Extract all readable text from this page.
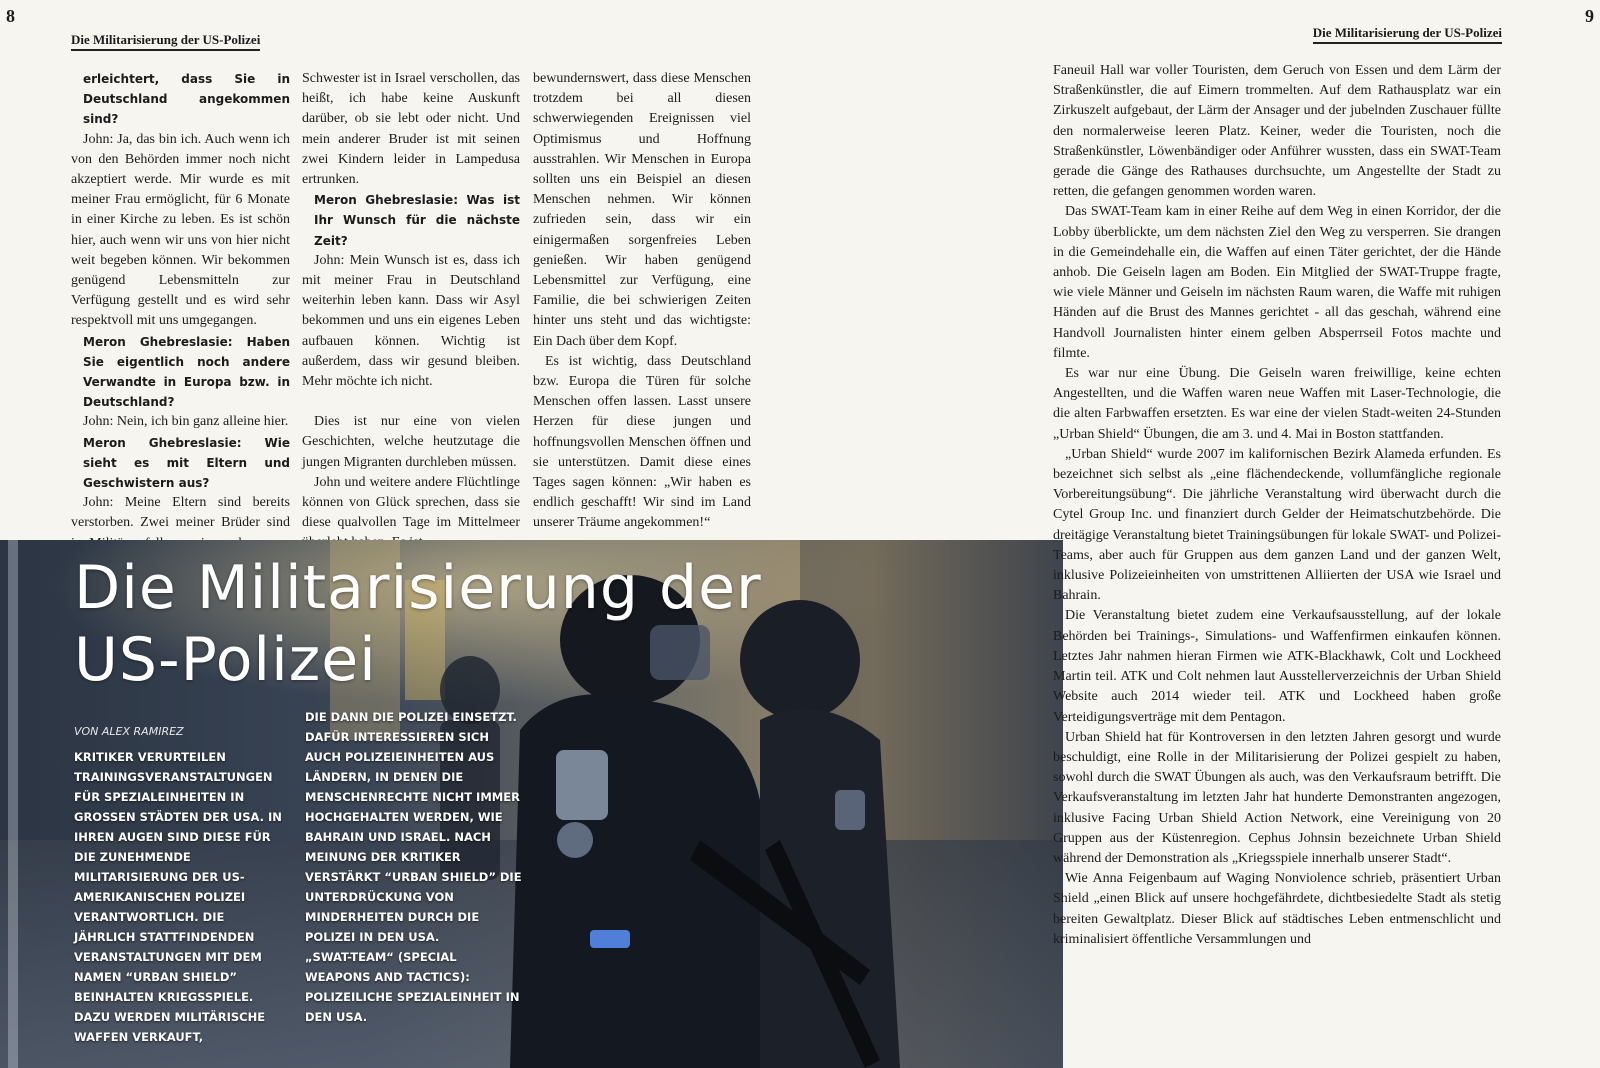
8	9
Die Militarisierung der US-Polizei	Die Militarisierung der US-Polizei

erleichtert, dass Sie in Deutschland angekommen sind?

John: Ja, das bin ich. Auch wenn ich von den Behörden immer noch nicht akzeptiert werde. Mir wurde es mit meiner Frau ermöglicht, für 6 Monate in einer Kirche zu leben. Es ist schön hier, auch wenn wir uns von hier nicht weit begeben können. Wir bekommen genügend Lebensmitteln zur Verfügung gestellt und es wird sehr respektvoll mit uns umgegangen.

Meron Ghebreslasie: Haben Sie eigentlich noch andere Verwandte in Europa bzw. in Deutschland?

John: Nein, ich bin ganz alleine hier.

Meron Ghebreslasie: Wie sieht es mit Eltern und Geschwistern aus?

John: Meine Eltern sind bereits verstorben. Zwei meiner Brüder sind

Schwester ist in Israel verschollen, das heißt, ich habe keine Auskunft darüber, ob sie lebt oder nicht. Und mein anderer Bruder ist mit seinen zwei Kindern leider in Lampedusa ertrunken.

Meron Ghebreslasie: Was ist Ihr Wunsch für die nächste Zeit?

John: Mein Wunsch ist es, dass ich mit meiner Frau in Deutschland weiterhin leben kann. Dass wir Asyl bekommen und uns ein eigenes Leben aufbauen können. Wichtig ist außerdem, dass wir gesund bleiben. Mehr möchte ich nicht.

Dies ist nur eine von vielen Geschichten, welche heutzutage die jungen Migranten durchleben müssen.

John und weitere andere Flüchtlinge können von Glück sprechen, dass sie diese qualvollen Tage im Mittelmeer

bewundernswert, dass diese Menschen trotzdem bei all diesen schwerwiegenden Ereignissen viel Optimismus und Hoffnung ausstrahlen. Wir Menschen in Europa sollten uns ein Beispiel an diesen Menschen nehmen. Wir können zufrieden sein, dass wir ein einigermaßen sorgenfreies Leben genießen. Wir haben genügend Lebensmittel zur Verfügung, eine Familie, die bei schwierigen Zeiten hinter uns steht und das wichtigste: Ein Dach über dem Kopf.

Es ist wichtig, dass Deutschland bzw. Europa die Türen für solche Menschen offen lassen. Lasst unsere Herzen für diese jungen und hoffnungsvollen Menschen öffnen und sie unterstützen. Damit diese eines Tages sagen können: „Wir haben es endlich geschafft! Wir sind im Land unserer Träume angekommen!“

Die Militarisierung der US-Polizei
VON ALEX RAMIREZ

KRITIKER VERURTEILEN TRAININGSVERANSTALTUNGEN FÜR SPEZIALEINHEITEN IN GROSSEN STÄDTEN DER USA. IN IHREN AUGEN SIND DIESE FÜR DIE ZUNEHMENDE MILITARISIERUNG DER US-AMERIKANISCHEN POLIZEI VERANTWORTLICH. DIE JÄHRLICH STATTFINDENDEN VERANSTALTUNGEN MIT DEM NAMEN “URBAN SHIELD” BEINHALTEN KRIEGSSPIELE. DAZU WERDEN MILITÄRISCHE WAFFEN VERKAUFT,

DIE DANN DIE POLIZEI EINSETZT. DAFÜR INTERESSIEREN SICH AUCH POLIZEIEINHEITEN AUS LÄNDERN, IN DENEN DIE MENSCHENRECHTE NICHT IMMER HOCHGEHALTEN WERDEN, WIE BAHRAIN UND ISRAEL. NACH MEINUNG DER KRITIKER VERSTÄRKT “URBAN SHIELD” DIE UNTERDRÜCKUNG VON MINDERHEITEN DURCH DIE POLIZEI IN DEN USA.

„SWAT-TEAM“ (SPECIAL WEAPONS AND TACTICS): POLIZEILICHE SPEZIALEINHEIT IN DEN USA.

Faneuil Hall war voller Touristen, dem Geruch von Essen und dem Lärm der Straßenkünstler, die auf Eimern trommelten. Auf dem Rathausplatz war ein Zirkuszelt aufgebaut, der Lärm der Ansager und der jubelnden Zuschauer füllte den normalerweise leeren Platz. Keiner, weder die Touristen, noch die Straßenkünstler, Löwenbändiger oder Anführer wussten, dass ein SWAT-Team gerade die Gänge des Rathauses durchsuchte, um Angestellte der Stadt zu retten, die gefangen genommen worden waren.

Das SWAT-Team kam in einer Reihe auf dem Weg in einen Korridor, der die Lobby überblickte, um dem nächsten Ziel den Weg zu versperren. Sie drangen in die Gemeindehalle ein, die Waffen auf einen Täter gerichtet, der die Hände anhob. Die Geiseln lagen am Boden. Ein Mitglied der SWAT-Truppe fragte, wie viele Männer und Geiseln im nächsten Raum waren, die Waffe mit ruhigen Händen auf die Brust des Mannes gerichtet - all das geschah, während eine Handvoll Journalisten hinter einem gelben Absperrseil Fotos machte und filmte.

Es war nur eine Übung. Die Geiseln waren freiwillige, keine echten Angestellten, und die Waffen waren neue Waffen mit Laser-Technologie, die die alten Farbwaffen ersetzten. Es war eine der vielen Stadt-weiten 24-Stunden „Urban Shield“ Übungen, die am 3. und 4. Mai in Boston stattfanden.

„Urban Shield“ wurde 2007 im kalifornischen Bezirk Alameda erfunden. Es bezeichnet sich selbst als „eine flächendeckende, vollumfängliche regionale Vorbereitungsübung“. Die jährliche Veranstaltung wird überwacht durch die Cytel Group Inc. und finanziert durch Gelder der Heimatschutzbehörde. Die dreitägige Veranstaltung bietet Trainingsübungen für lokale SWAT- und Polizei-Teams, aber auch für Gruppen aus dem ganzen Land und der ganzen Welt, inklusive Polizeieinheiten von umstrittenen Alliierten der USA wie Israel und Bahrain.

Die Veranstaltung bietet zudem eine Verkaufsausstellung, auf der lokale Behörden bei Trainings-, Simulations- und Waffenfirmen einkaufen können. Letztes Jahr nahmen hieran Firmen wie ATK-Blackhawk, Colt und Lockheed Martin teil. ATK und Colt nehmen laut Ausstellerverzeichnis der Urban Shield Website auch 2014 wieder teil. ATK und Lockheed haben große Verteidigungsverträge mit dem Pentagon.

Urban Shield hat für Kontroversen in den letzten Jahren gesorgt und wurde beschuldigt, eine Rolle in der Militarisierung der Polizei gespielt zu haben, sowohl durch die SWAT Übungen als auch, was den Verkaufsraum betrifft. Die Verkaufsveranstaltung im letzten Jahr hat hunderte Demonstranten angezogen, inklusive Facing Urban Shield Action Network, eine Vereinigung von 20 Gruppen aus der Küstenregion. Cephus Johnsin bezeichnete Urban Shield während der Demonstration als „Kriegsspiele innerhalb unserer Stadt“.

Wie Anna Feigenbaum auf Waging Nonviolence schrieb, präsentiert Urban Shield „einen Blick auf unsere hochgefährdete, dichtbesiedelte Stadt als stetig bereiten Gewaltplatz. Dieser Blick auf städtisches Leben entmenschlicht und kriminalisiert öffentliche Versammlungen und
